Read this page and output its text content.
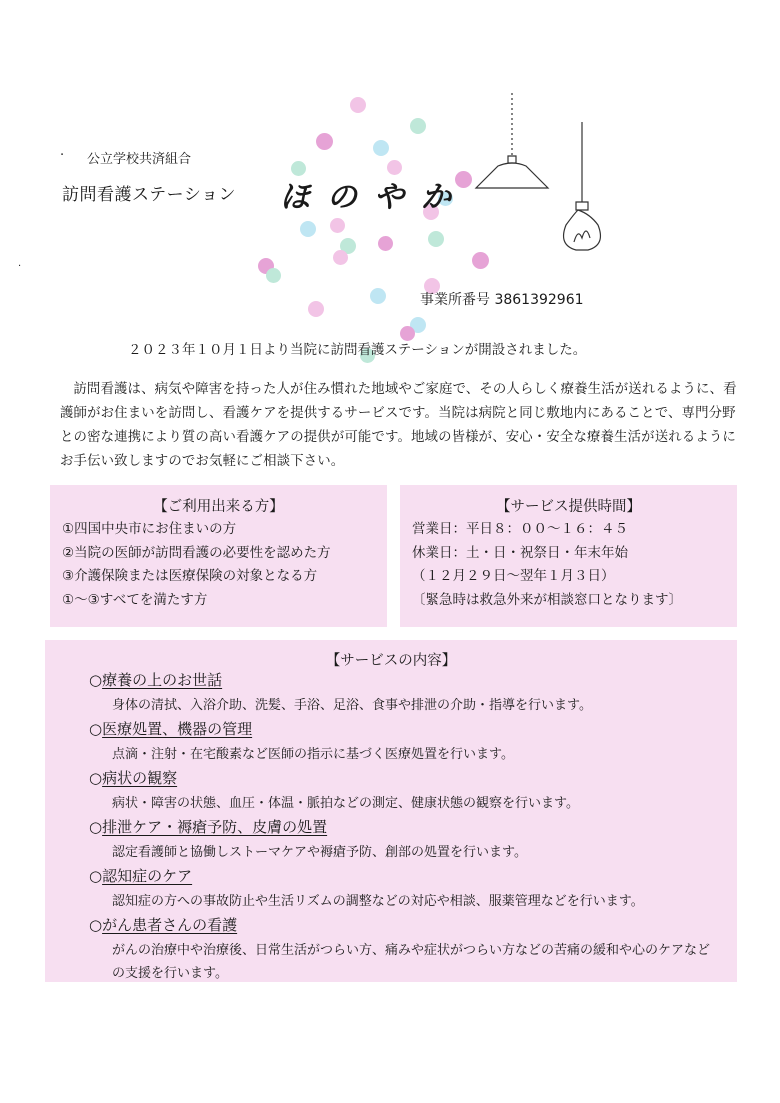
·
.
公立学校共済組合
訪問看護ステーション ほのやか
事業所番号 3861392961
２０２３年１０月１日より当院に訪問看護ステーションが開設されました。
訪問看護は、病気や障害を持った人が住み慣れた地域やご家庭で、その人らしく療養生活が送れるように、看護師がお住まいを訪問し、看護ケアを提供するサービスです。当院は病院と同じ敷地内にあることで、専門分野との密な連携により質の高い看護ケアの提供が可能です。地域の皆様が、安心・安全な療養生活が送れるようにお手伝い致しますのでお気軽にご相談下さい。
【ご利用出来る方】
①四国中央市にお住まいの方
②当院の医師が訪問看護の必要性を認めた方
③介護保険または医療保険の対象となる方
①～③すべてを満たす方
【サービス提供時間】
営業日：平日８：００～１６：４５
休業日：土・日・祝祭日・年末年始
（１２月２９日～翌年１月３日）
〔緊急時は救急外来が相談窓口となります〕
【サービスの内容】
○療養の上のお世話
身体の清拭、入浴介助、洗髪、手浴、足浴、食事や排泄の介助・指導を行います。
○医療処置、機器の管理
点滴・注射・在宅酸素など医師の指示に基づく医療処置を行います。
○病状の観察
病状・障害の状態、血圧・体温・脈拍などの測定、健康状態の観察を行います。
○排泄ケア・褥瘡予防、皮膚の処置
認定看護師と協働しストーマケアや褥瘡予防、創部の処置を行います。
○認知症のケア
認知症の方への事故防止や生活リズムの調整などの対応や相談、服薬管理などを行います。
○がん患者さんの看護
がんの治療中や治療後、日常生活がつらい方、痛みや症状がつらい方などの苦痛の緩和や心のケアなどの支援を行います。
